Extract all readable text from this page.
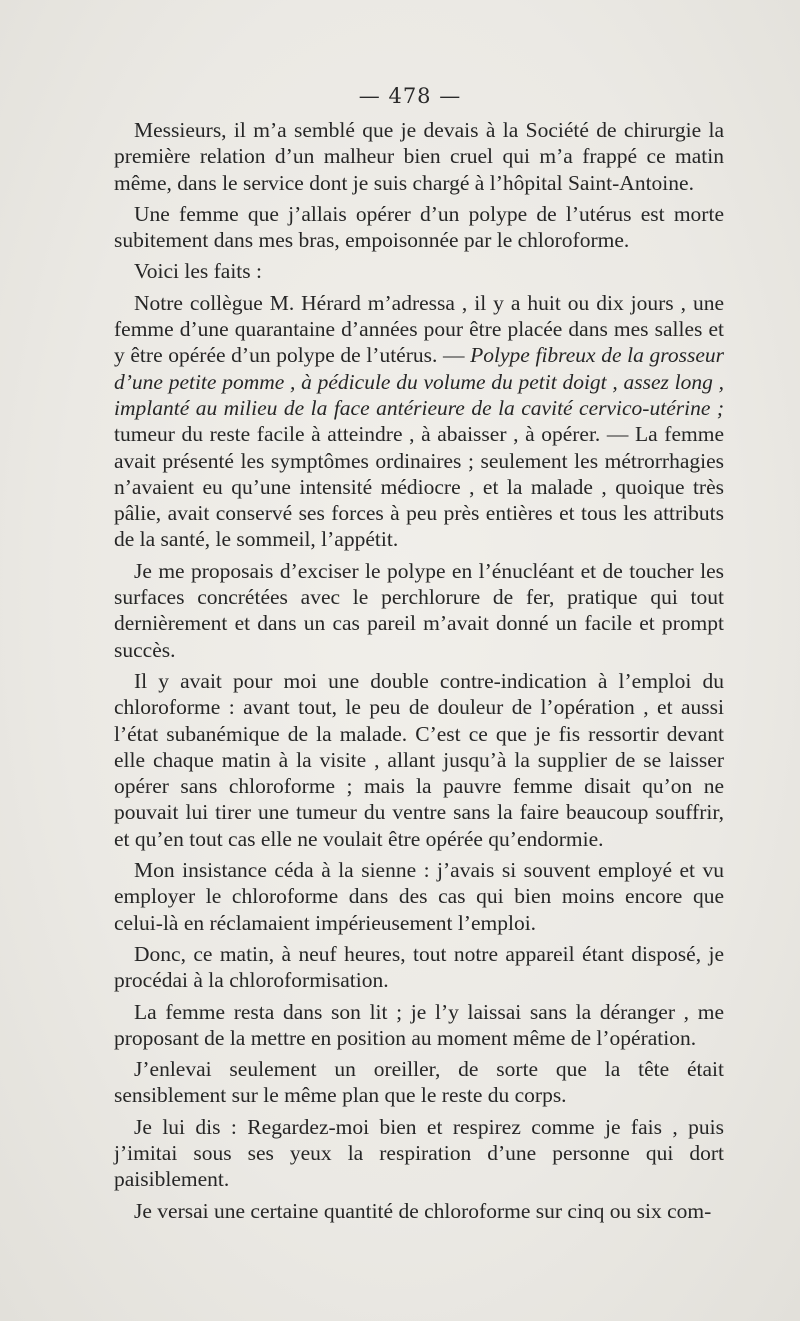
— 478 —

Messieurs, il m’a semblé que je devais à la Société de chirurgie la première relation d’un malheur bien cruel qui m’a frappé ce matin même, dans le service dont je suis chargé à l’hôpital Saint-Antoine.

Une femme que j’allais opérer d’un polype de l’utérus est morte subitement dans mes bras, empoisonnée par le chloroforme.

Voici les faits :

Notre collègue M. Hérard m’adressa , il y a huit ou dix jours , une femme d’une quarantaine d’années pour être placée dans mes salles et y être opérée d’un polype de l’utérus. — Polype fibreux de la grosseur d’une petite pomme , à pédicule du volume du petit doigt , assez long , implanté au milieu de la face antérieure de la cavité cervico-utérine ; tumeur du reste facile à atteindre , à abaisser , à opérer. — La femme avait présenté les symptômes ordinaires ; seulement les métrorrhagies n’avaient eu qu’une intensité médiocre , et la malade , quoique très pâlie, avait conservé ses forces à peu près entières et tous les attributs de la santé, le sommeil, l’appétit.

Je me proposais d’exciser le polype en l’énucléant et de toucher les surfaces concrétées avec le perchlorure de fer, pratique qui tout dernièrement et dans un cas pareil m’avait donné un facile et prompt succès.

Il y avait pour moi une double contre-indication à l’emploi du chloroforme : avant tout, le peu de douleur de l’opération , et aussi l’état subanémique de la malade. C’est ce que je fis ressortir devant elle chaque matin à la visite , allant jusqu’à la supplier de se laisser opérer sans chloroforme ; mais la pauvre femme disait qu’on ne pouvait lui tirer une tumeur du ventre sans la faire beaucoup souffrir, et qu’en tout cas elle ne voulait être opérée qu’endormie.

Mon insistance céda à la sienne : j’avais si souvent employé et vu employer le chloroforme dans des cas qui bien moins encore que celui-là en réclamaient impérieusement l’emploi.

Donc, ce matin, à neuf heures, tout notre appareil étant disposé, je procédai à la chloroformisation.

La femme resta dans son lit ; je l’y laissai sans la déranger , me proposant de la mettre en position au moment même de l’opération.

J’enlevai seulement un oreiller, de sorte que la tête était sensiblement sur le même plan que le reste du corps.

Je lui dis : Regardez-moi bien et respirez comme je fais , puis j’imitai sous ses yeux la respiration d’une personne qui dort paisiblement.

Je versai une certaine quantité de chloroforme sur cinq ou six com-
